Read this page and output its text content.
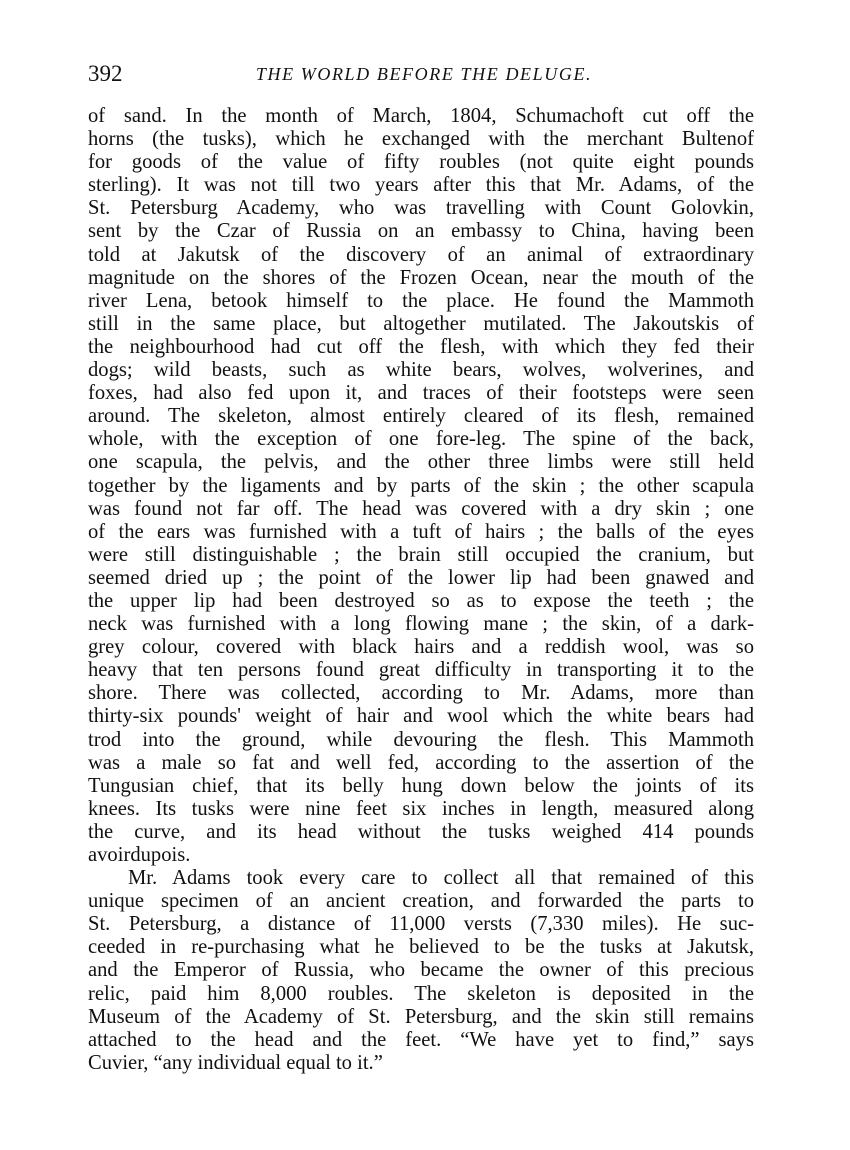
392	THE WORLD BEFORE THE DELUGE.
of sand. In the month of March, 1804, Schumachoft cut off the
horns (the tusks), which he exchanged with the merchant Bultenof
for goods of the value of fifty roubles (not quite eight pounds
sterling). It was not till two years after this that Mr. Adams, of the
St. Petersburg Academy, who was travelling with Count Golovkin,
sent by the Czar of Russia on an embassy to China, having been
told at Jakutsk of the discovery of an animal of extraordinary
magnitude on the shores of the Frozen Ocean, near the mouth of the
river Lena, betook himself to the place. He found the Mammoth
still in the same place, but altogether mutilated. The Jakoutskis of
the neighbourhood had cut off the flesh, with which they fed their
dogs; wild beasts, such as white bears, wolves, wolverines, and
foxes, had also fed upon it, and traces of their footsteps were seen
around. The skeleton, almost entirely cleared of its flesh, remained
whole, with the exception of one fore-leg. The spine of the back,
one scapula, the pelvis, and the other three limbs were still held
together by the ligaments and by parts of the skin ; the other scapula
was found not far off. The head was covered with a dry skin ; one
of the ears was furnished with a tuft of hairs ; the balls of the eyes
were still distinguishable ; the brain still occupied the cranium, but
seemed dried up ; the point of the lower lip had been gnawed and
the upper lip had been destroyed so as to expose the teeth ; the
neck was furnished with a long flowing mane ; the skin, of a dark-
grey colour, covered with black hairs and a reddish wool, was so
heavy that ten persons found great difficulty in transporting it to the
shore. There was collected, according to Mr. Adams, more than
thirty-six pounds' weight of hair and wool which the white bears had
trod into the ground, while devouring the flesh. This Mammoth
was a male so fat and well fed, according to the assertion of the
Tungusian chief, that its belly hung down below the joints of its
knees. Its tusks were nine feet six inches in length, measured along
the curve, and its head without the tusks weighed 414 pounds
avoirdupois.
Mr. Adams took every care to collect all that remained of this
unique specimen of an ancient creation, and forwarded the parts to
St. Petersburg, a distance of 11,000 versts (7,330 miles). He suc-
ceeded in re-purchasing what he believed to be the tusks at Jakutsk,
and the Emperor of Russia, who became the owner of this precious
relic, paid him 8,000 roubles. The skeleton is deposited in the
Museum of the Academy of St. Petersburg, and the skin still remains
attached to the head and the feet. “We have yet to find,” says
Cuvier, “any individual equal to it.”
